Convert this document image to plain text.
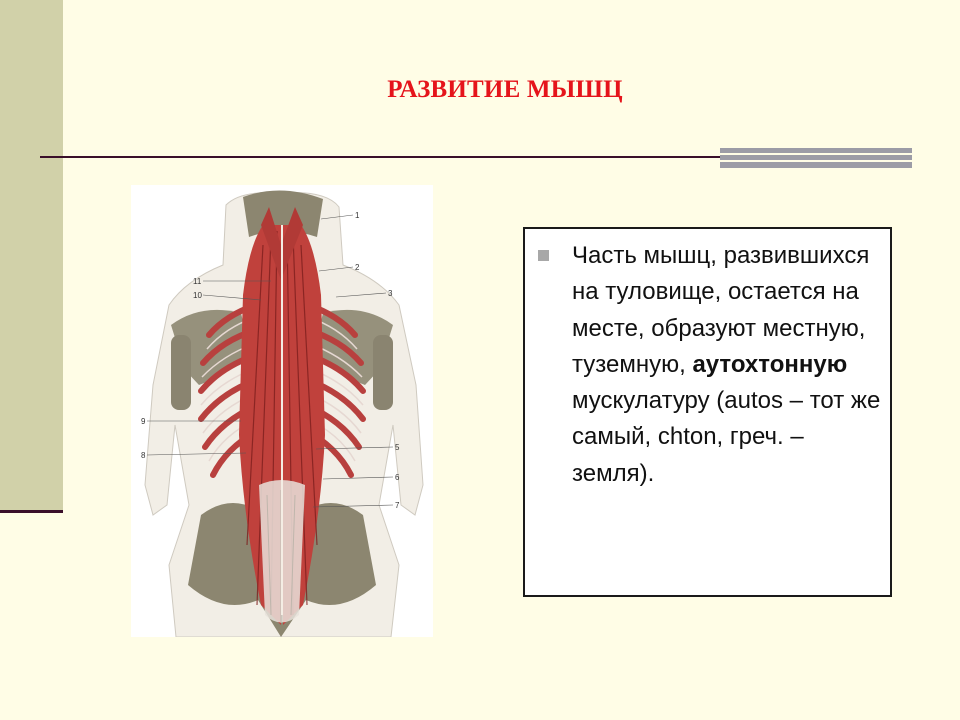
РАЗВИТИЕ МЫШЦ
1
2
3
11
10
9
8
5
6
7
Часть мышц, развившихся на туловище, остается на месте, образуют местную, туземную, аутохтонную мускулатуру (autos – тот же самый, chton, греч. – земля).
